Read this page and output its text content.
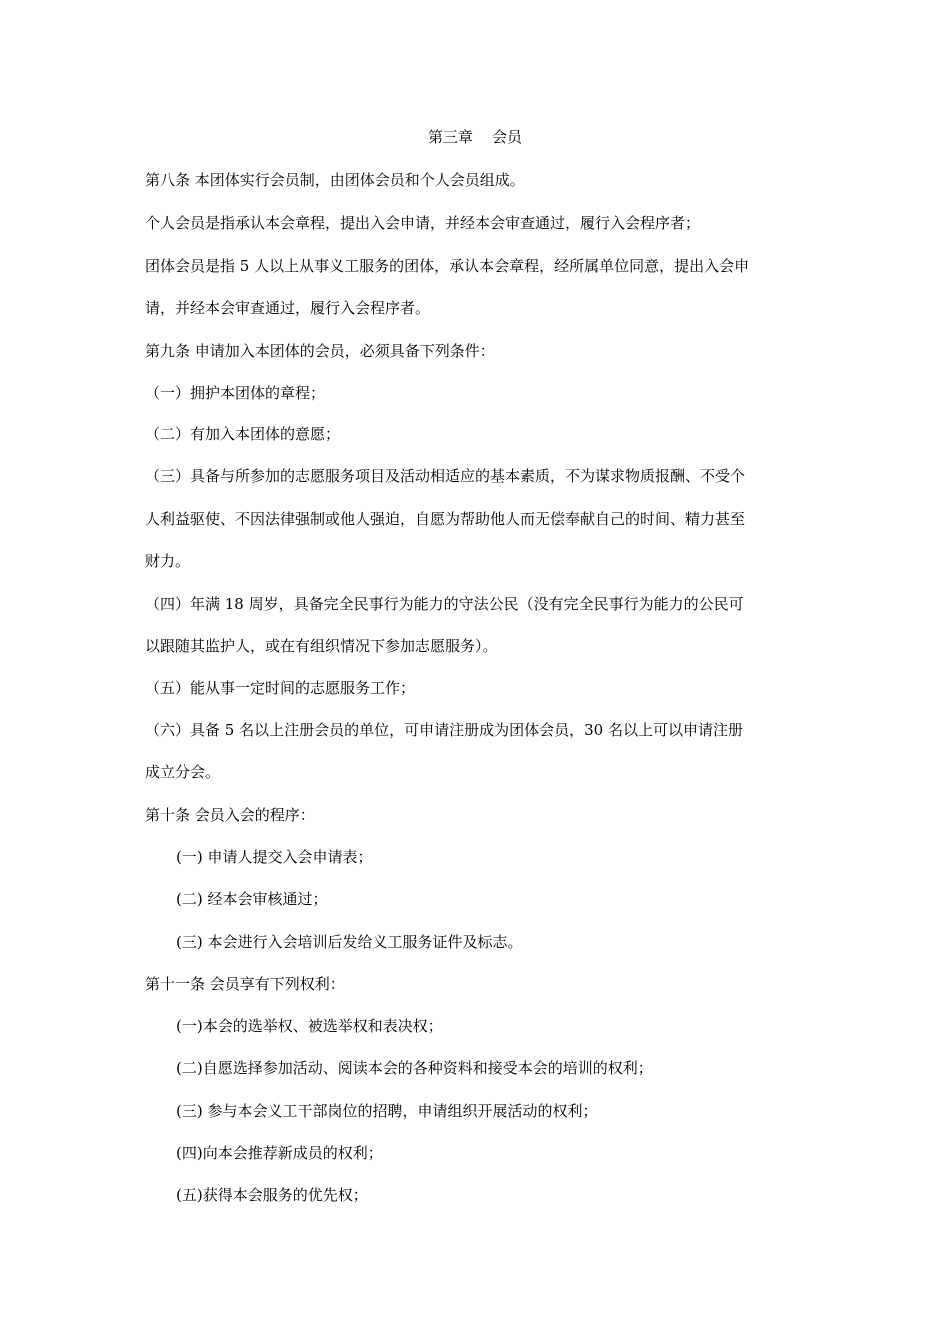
第三章    会员
第八条 本团体实行会员制，由团体会员和个人会员组成。
个人会员是指承认本会章程，提出入会申请，并经本会审查通过，履行入会程序者；
团体会员是指 5 人以上从事义工服务的团体，承认本会章程，经所属单位同意，提出入会申
请，并经本会审查通过，履行入会程序者。
第九条 申请加入本团体的会员，必须具备下列条件：
（一）拥护本团体的章程；
（二）有加入本团体的意愿；
（三）具备与所参加的志愿服务项目及活动相适应的基本素质，不为谋求物质报酬、不受个
人利益驱使、不因法律强制或他人强迫，自愿为帮助他人而无偿奉献自己的时间、精力甚至
财力。
（四）年满 18 周岁，具备完全民事行为能力的守法公民（没有完全民事行为能力的公民可
以跟随其监护人，或在有组织情况下参加志愿服务）。
（五）能从事一定时间的志愿服务工作；
（六）具备 5 名以上注册会员的单位，可申请注册成为团体会员，30 名以上可以申请注册
成立分会。
第十条 会员入会的程序：
(一) 申请人提交入会申请表；
(二) 经本会审核通过；
(三) 本会进行入会培训后发给义工服务证件及标志。
第十一条 会员享有下列权利：
(一)本会的选举权、被选举权和表决权；
(二)自愿选择参加活动、阅读本会的各种资料和接受本会的培训的权利；
(三) 参与本会义工干部岗位的招聘，申请组织开展活动的权利；
(四)向本会推荐新成员的权利；
(五)获得本会服务的优先权；
